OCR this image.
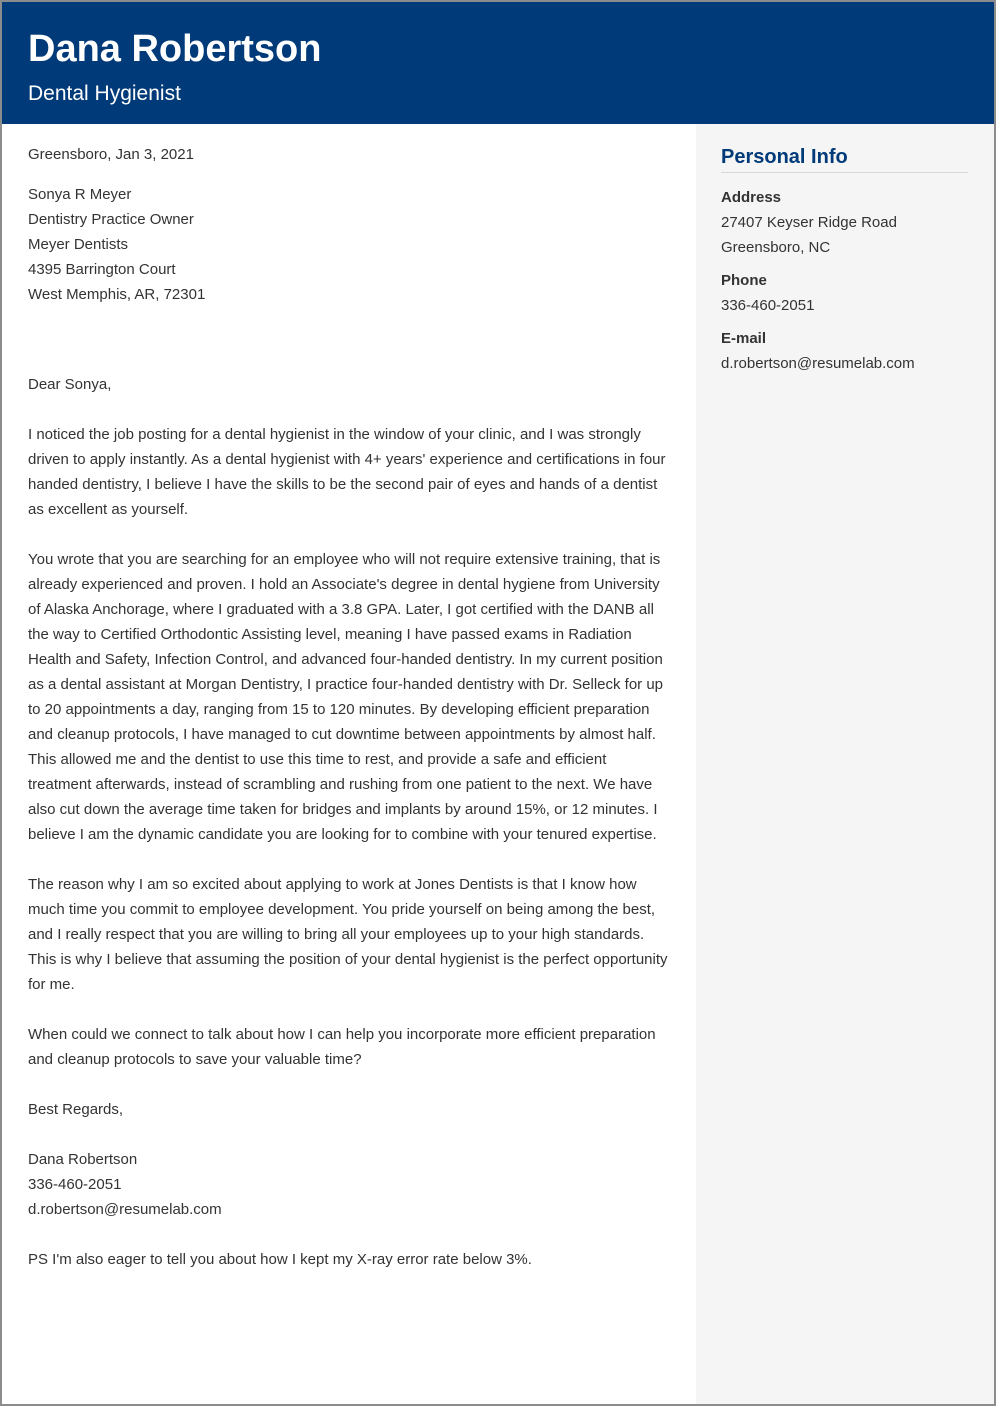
Dana Robertson
Dental Hygienist
Greensboro, Jan 3, 2021
Sonya R Meyer
Dentistry Practice Owner
Meyer Dentists
4395 Barrington Court
West Memphis, AR, 72301
Dear Sonya,
I noticed the job posting for a dental hygienist in the window of your clinic, and I was strongly driven to apply instantly. As a dental hygienist with 4+ years' experience and certifications in four handed dentistry, I believe I have the skills to be the second pair of eyes and hands of a dentist as excellent as yourself.
You wrote that you are searching for an employee who will not require extensive training, that is already experienced and proven. I hold an Associate's degree in dental hygiene from University of Alaska Anchorage, where I graduated with a 3.8 GPA. Later, I got certified with the DANB all the way to Certified Orthodontic Assisting level, meaning I have passed exams in Radiation Health and Safety, Infection Control, and advanced four-handed dentistry. In my current position as a dental assistant at Morgan Dentistry, I practice four-handed dentistry with Dr. Selleck for up to 20 appointments a day, ranging from 15 to 120 minutes. By developing efficient preparation and cleanup protocols, I have managed to cut downtime between appointments by almost half. This allowed me and the dentist to use this time to rest, and provide a safe and efficient treatment afterwards, instead of scrambling and rushing from one patient to the next. We have also cut down the average time taken for bridges and implants by around 15%, or 12 minutes. I believe I am the dynamic candidate you are looking for to combine with your tenured expertise.
The reason why I am so excited about applying to work at Jones Dentists is that I know how much time you commit to employee development. You pride yourself on being among the best, and I really respect that you are willing to bring all your employees up to your high standards. This is why I believe that assuming the position of your dental hygienist is the perfect opportunity for me.
When could we connect to talk about how I can help you incorporate more efficient preparation and cleanup protocols to save your valuable time?
Best Regards,
Dana Robertson
336-460-2051
d.robertson@resumelab.com
PS I'm also eager to tell you about how I kept my X-ray error rate below 3%.
Personal Info
Address
27407 Keyser Ridge Road
Greensboro, NC
Phone
336-460-2051
E-mail
d.robertson@resumelab.com
